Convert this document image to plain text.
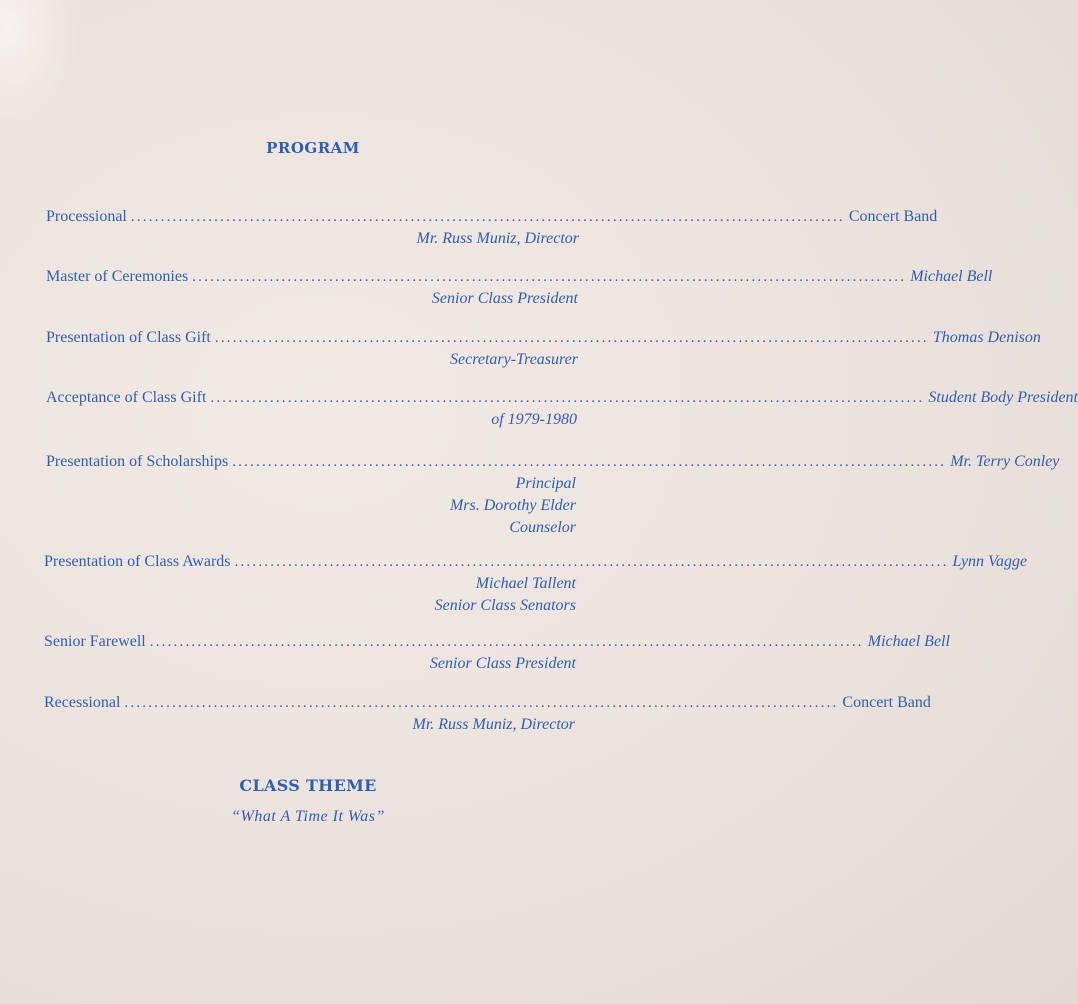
PROGRAM
Processional ........................................................................................................................ Concert Band
Mr. Russ Muniz, Director
Master of Ceremonies ........................................................................................................................ Michael Bell
Senior Class President
Presentation of Class Gift ........................................................................................................................ Thomas Denison
Secretary-Treasurer
Acceptance of Class Gift ........................................................................................................................ Student Body President
of 1979-1980
Presentation of Scholarships ........................................................................................................................ Mr. Terry Conley
Principal
Mrs. Dorothy Elder
Counselor
Presentation of Class Awards ........................................................................................................................ Lynn Vagge
Michael Tallent
Senior Class Senators
Senior Farewell ........................................................................................................................ Michael Bell
Senior Class President
Recessional ........................................................................................................................ Concert Band
Mr. Russ Muniz, Director
CLASS THEME
“What A Time It Was”
